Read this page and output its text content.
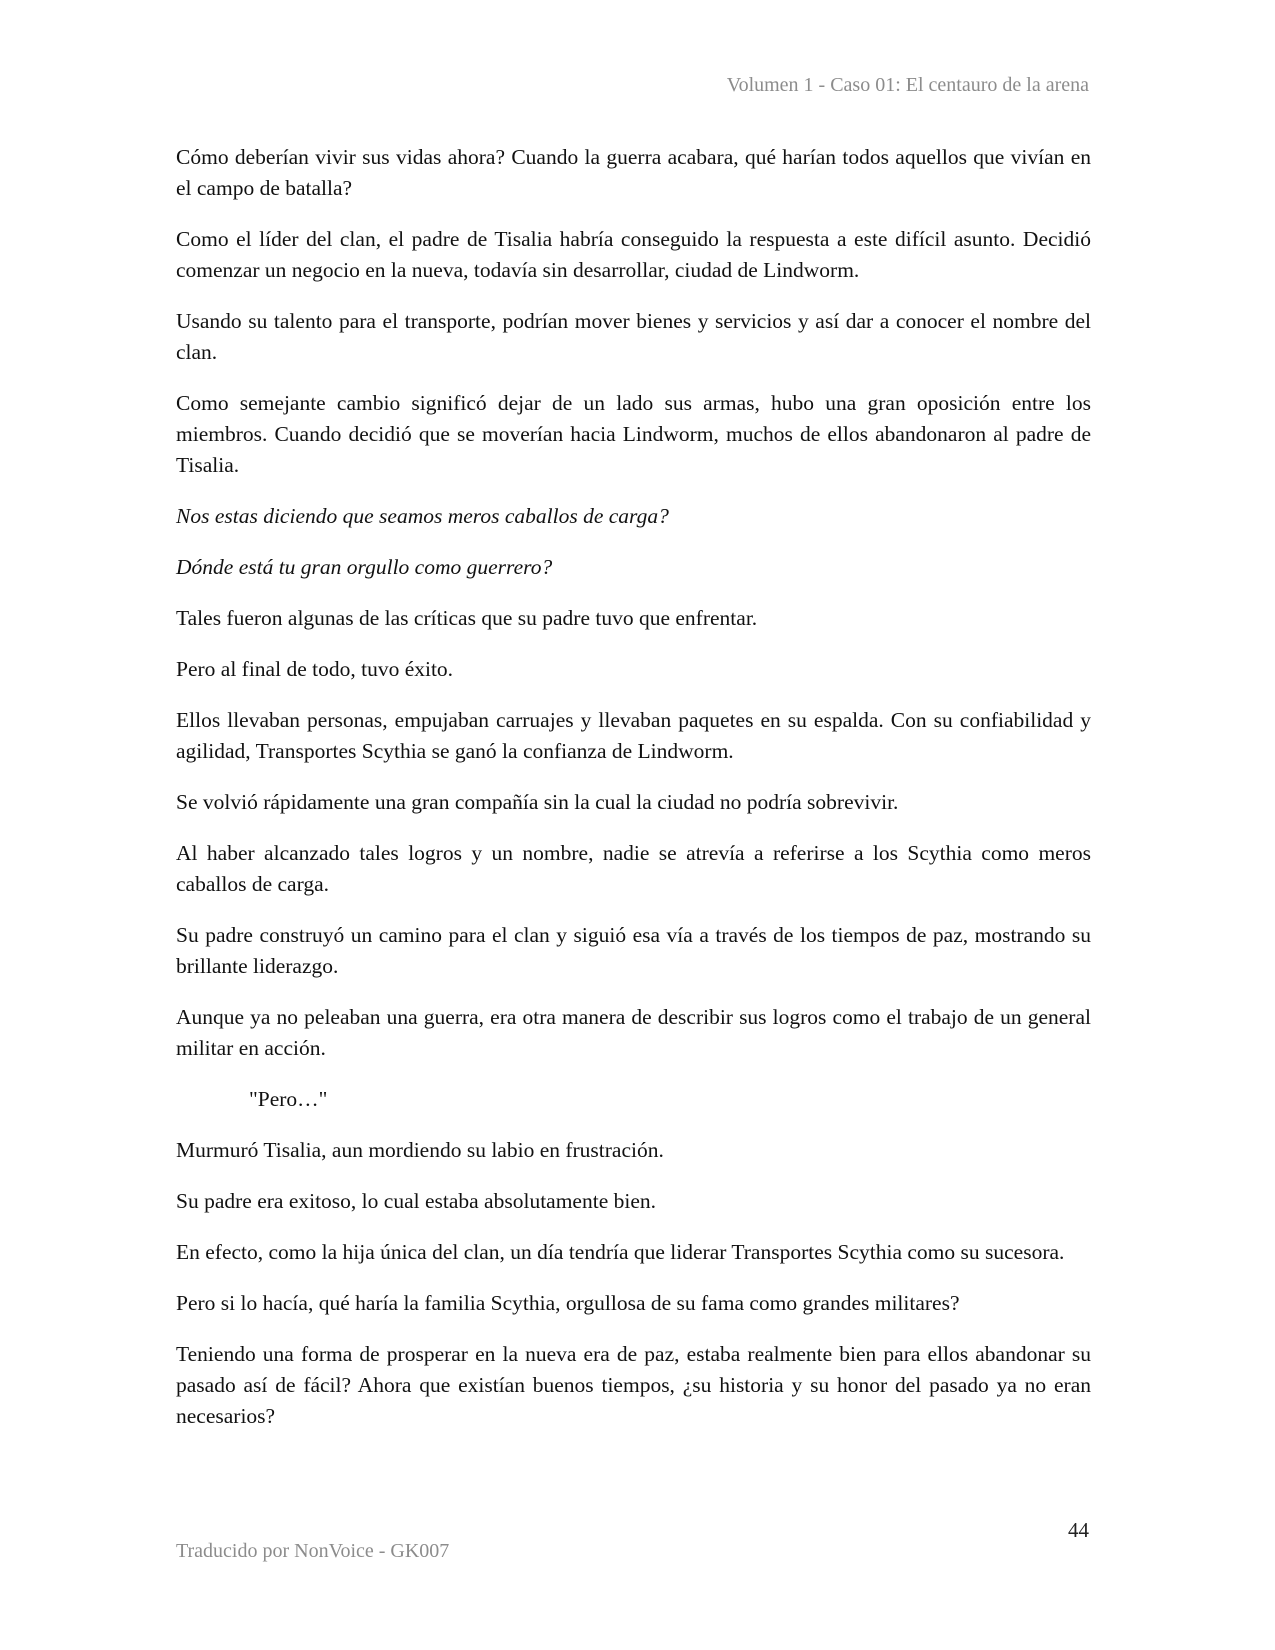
Volumen 1 - Caso 01: El centauro de la arena

Cómo deberían vivir sus vidas ahora? Cuando la guerra acabara, qué harían todos aquellos que vivían en el campo de batalla?

Como el líder del clan, el padre de Tisalia habría conseguido la respuesta a este difícil asunto. Decidió comenzar un negocio en la nueva, todavía sin desarrollar, ciudad de Lindworm.

Usando su talento para el transporte, podrían mover bienes y servicios y así dar a conocer el nombre del clan.

Como semejante cambio significó dejar de un lado sus armas, hubo una gran oposición entre los miembros. Cuando decidió que se moverían hacia Lindworm, muchos de ellos abandonaron al padre de Tisalia.

Nos estas diciendo que seamos meros caballos de carga?

Dónde está tu gran orgullo como guerrero?

Tales fueron algunas de las críticas que su padre tuvo que enfrentar.

Pero al final de todo, tuvo éxito.

Ellos llevaban personas, empujaban carruajes y llevaban paquetes en su espalda. Con su confiabilidad y agilidad, Transportes Scythia se ganó la confianza de Lindworm.

Se volvió rápidamente una gran compañía sin la cual la ciudad no podría sobrevivir.

Al haber alcanzado tales logros y un nombre, nadie se atrevía a referirse a los Scythia como meros caballos de carga.

Su padre construyó un camino para el clan y siguió esa vía a través de los tiempos de paz, mostrando su brillante liderazgo.

Aunque ya no peleaban una guerra, era otra manera de describir sus logros como el trabajo de un general militar en acción.

"Pero…"

Murmuró Tisalia, aun mordiendo su labio en frustración.

Su padre era exitoso, lo cual estaba absolutamente bien.

En efecto, como la hija única del clan, un día tendría que liderar Transportes Scythia como su sucesora.

Pero si lo hacía, qué haría la familia Scythia, orgullosa de su fama como grandes militares?

Teniendo una forma de prosperar en la nueva era de paz, estaba realmente bien para ellos abandonar su pasado así de fácil? Ahora que existían buenos tiempos, ¿su historia y su honor del pasado ya no eran necesarios?

44
Traducido por NonVoice - GK007
